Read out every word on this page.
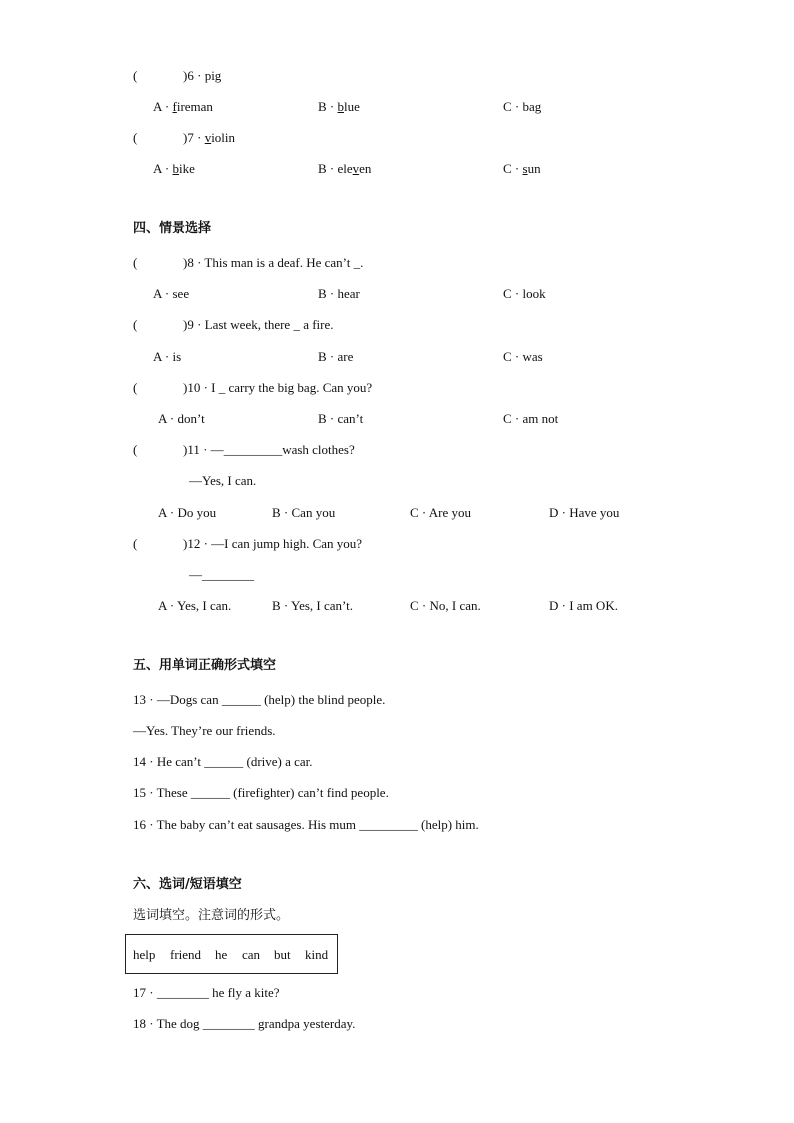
(	)6 · pig
A · fireman	B · blue	C · bag
(	)7 · violin
A · bike	B · eleven	C · sun
四、情景选择
(	)8 · This man is a deaf. He can’t _.
A · see	B · hear	C · look
(	)9 · Last week, there _ a fire.
A · is	B · are	C · was
(	)10 · I _ carry the big bag. Can you?
A · don’t	B · can’t	C · am not
(	)11 · —_________wash clothes?
—Yes, I can.
A · Do you	B · Can you	C · Are you	D · Have you
(	)12 · —I can jump high. Can you?
—________
A · Yes, I can.	B · Yes, I can’t.	C · No, I can.	D · I am OK.
五、用单词正确形式填空
13 · —Dogs can ______ (help) the blind people.
—Yes. They’re our friends.
14 · He can’t ______ (drive) a car.
15 · These ______ (firefighter) can’t find people.
16 · The baby can’t eat sausages. His mum _________ (help) him.
六、选词/短语填空
选词填空。注意词的形式。
help friend he can but kind
17 · ________ he fly a kite?
18 · The dog ________ grandpa yesterday.
